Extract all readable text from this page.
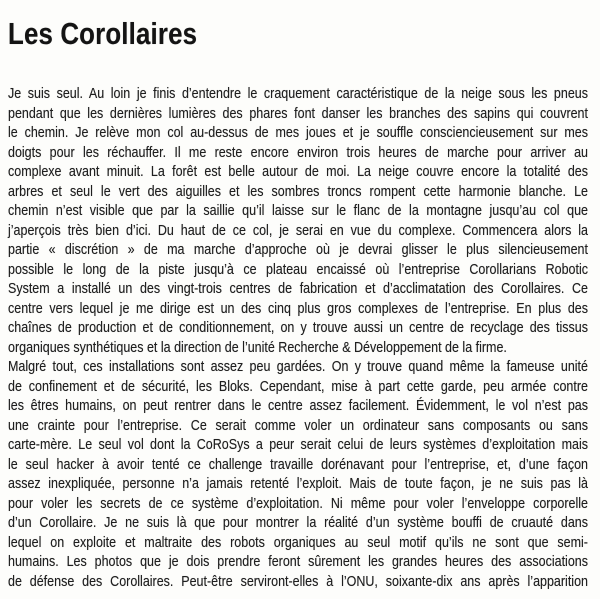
Les Corollaires
Je suis seul. Au loin je finis d’entendre le craquement caractéristique de la neige sous les pneus
pendant que les dernières lumières des phares font danser les branches des sapins qui couvrent
le chemin. Je relève mon col au-dessus de mes joues et je souffle consciencieusement sur mes
doigts pour les réchauffer. Il me reste encore environ trois heures de marche pour arriver au
complexe avant minuit. La forêt est belle autour de moi. La neige couvre encore la totalité des
arbres et seul le vert des aiguilles et les sombres troncs rompent cette harmonie blanche. Le
chemin n’est visible que par la saillie qu’il laisse sur le flanc de la montagne jusqu’au col que
j’aperçois très bien d’ici. Du haut de ce col, je serai en vue du complexe. Commencera alors la
partie « discrétion » de ma marche d’approche où je devrai glisser le plus silencieusement
possible le long de la piste jusqu’à ce plateau encaissé où l’entreprise Corollarians Robotic
System a installé un des vingt-trois centres de fabrication et d’acclimatation des Corollaires. Ce
centre vers lequel je me dirige est un des cinq plus gros complexes de l’entreprise. En plus des
chaînes de production et de conditionnement, on y trouve aussi un centre de recyclage des tissus
organiques synthétiques et la direction de l’unité Recherche & Développement de la firme.
Malgré tout, ces installations sont assez peu gardées. On y trouve quand même la fameuse unité
de confinement et de sécurité, les Bloks. Cependant, mise à part cette garde, peu armée contre
les êtres humains, on peut rentrer dans le centre assez facilement. Évidemment, le vol n’est pas
une crainte pour l’entreprise. Ce serait comme voler un ordinateur sans composants ou sans
carte-mère. Le seul vol dont la CoRoSys a peur serait celui de leurs systèmes d’exploitation mais
le seul hacker à avoir tenté ce challenge travaille dorénavant pour l’entreprise, et, d’une façon
assez inexpliquée, personne n’a jamais retenté l’exploit. Mais de toute façon, je ne suis pas là
pour voler les secrets de ce système d’exploitation. Ni même pour voler l’enveloppe corporelle
d’un Corollaire. Je ne suis là que pour montrer la réalité d’un système bouffi de cruauté dans
lequel on exploite et maltraite des robots organiques au seul motif qu’ils ne sont que semi-
humains. Les photos que je dois prendre feront sûrement les grandes heures des associations
de défense des Corollaires. Peut-être serviront-elles à l’ONU, soixante-dix ans après l’apparition
